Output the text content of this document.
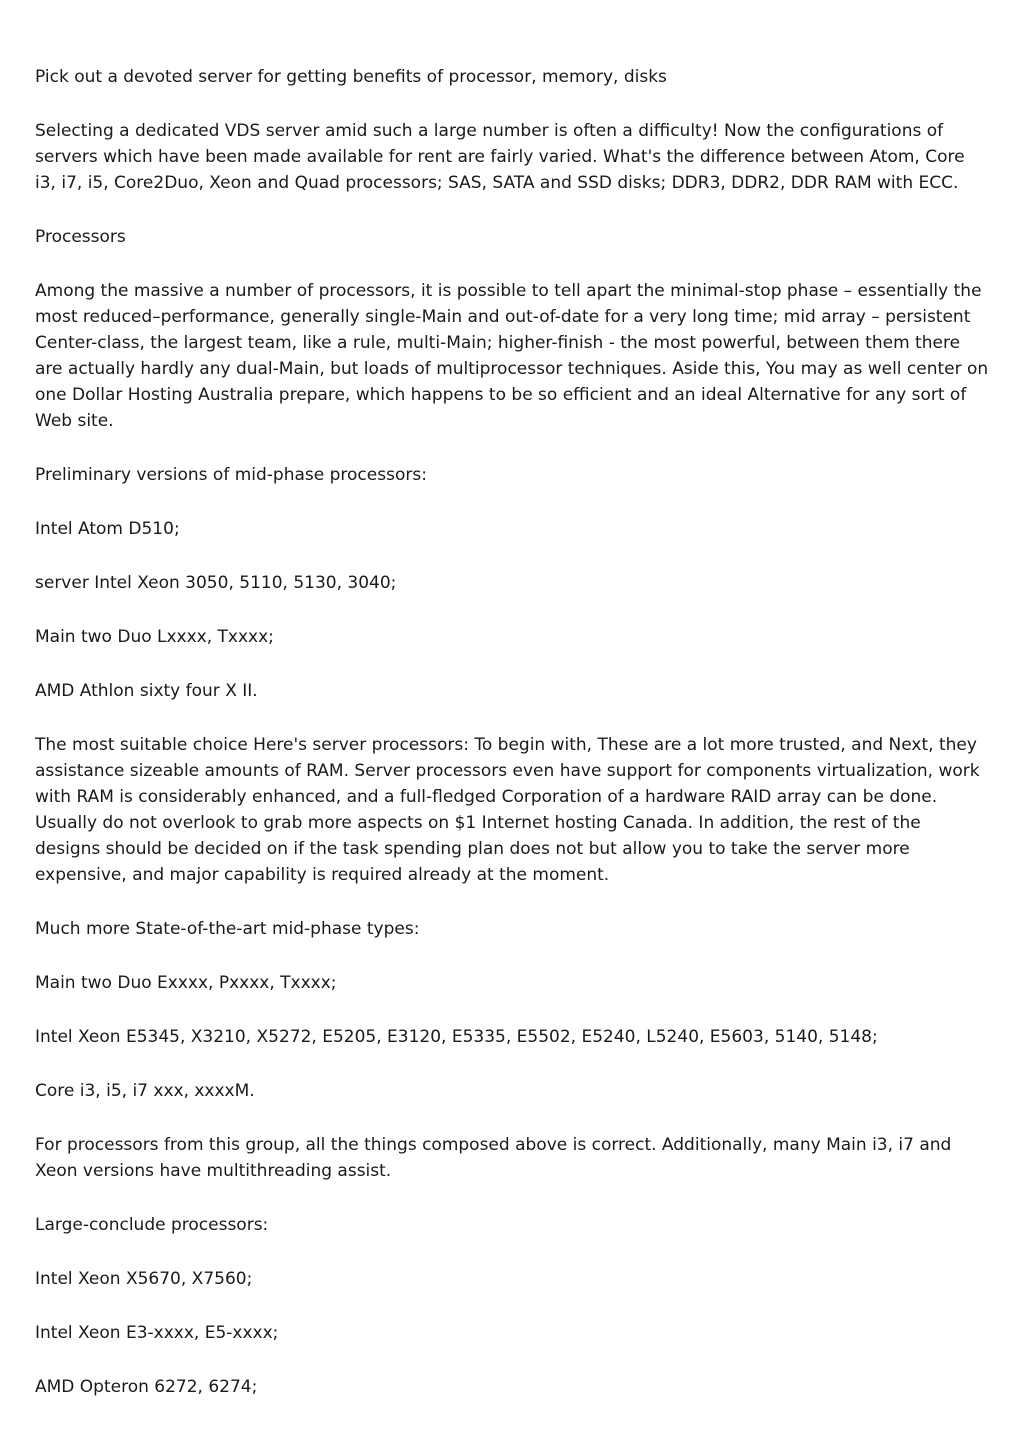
Pick out a devoted server for getting benefits of processor, memory, disks

Selecting a dedicated VDS server amid such a large number is often a difficulty! Now the configurations of servers which have been made available for rent are fairly varied. What's the difference between Atom, Core i3, i7, i5, Core2Duo, Xeon and Quad processors; SAS, SATA and SSD disks; DDR3, DDR2, DDR RAM with ECC.

Processors

Among the massive a number of processors, it is possible to tell apart the minimal-stop phase – essentially the most reduced–performance, generally single-Main and out-of-date for a very long time; mid array – persistent Center-class, the largest team, like a rule, multi-Main; higher-finish - the most powerful, between them there are actually hardly any dual-Main, but loads of multiprocessor techniques. Aside this, You may as well center on one Dollar Hosting Australia prepare, which happens to be so efficient and an ideal Alternative for any sort of Web site.

Preliminary versions of mid-phase processors:

Intel Atom D510;

server Intel Xeon 3050, 5110, 5130, 3040;

Main two Duo Lxxxx, Txxxx;

AMD Athlon sixty four X II.

The most suitable choice Here's server processors: To begin with, These are a lot more trusted, and Next, they assistance sizeable amounts of RAM. Server processors even have support for components virtualization, work with RAM is considerably enhanced, and a full-fledged Corporation of a hardware RAID array can be done. Usually do not overlook to grab more aspects on $1 Internet hosting Canada. In addition, the rest of the designs should be decided on if the task spending plan does not but allow you to take the server more expensive, and major capability is required already at the moment.

Much more State-of-the-art mid-phase types:

Main two Duo Exxxx, Pxxxx, Txxxx;

Intel Xeon E5345, X3210, X5272, E5205, E3120, E5335, E5502, E5240, L5240, E5603, 5140, 5148;

Core i3, i5, i7 xxx, xxxxM.

For processors from this group, all the things composed above is correct. Additionally, many Main i3, i7 and Xeon versions have multithreading assist.

Large-conclude processors:

Intel Xeon X5670, X7560;

Intel Xeon E3-xxxx, E5-xxxx;

AMD Opteron 6272, 6274;
